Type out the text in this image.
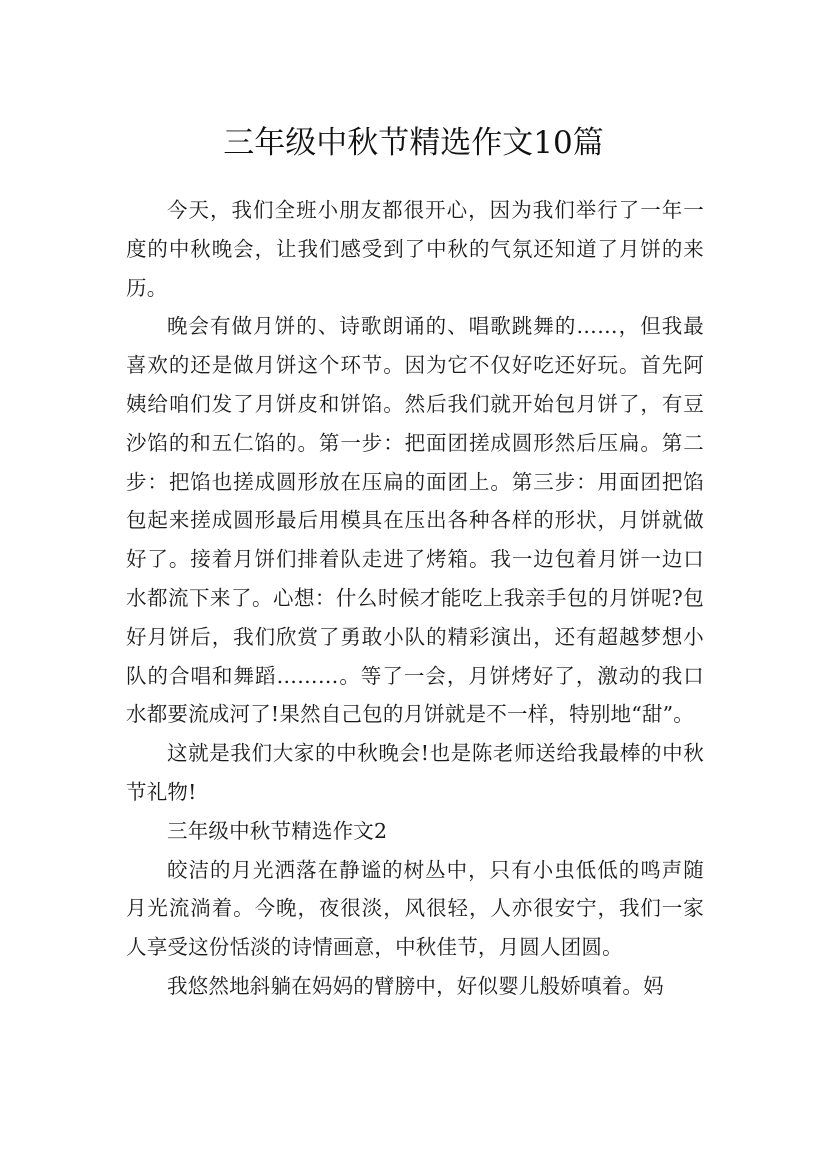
三年级中秋节精选作文10篇

今天，我们全班小朋友都很开心，因为我们举行了一年一度的中秋晚会，让我们感受到了中秋的气氛还知道了月饼的来历。

晚会有做月饼的、诗歌朗诵的、唱歌跳舞的……，但我最喜欢的还是做月饼这个环节。因为它不仅好吃还好玩。首先阿姨给咱们发了月饼皮和饼馅。然后我们就开始包月饼了，有豆沙馅的和五仁馅的。第一步：把面团搓成圆形然后压扁。第二步：把馅也搓成圆形放在压扁的面团上。第三步：用面团把馅包起来搓成圆形最后用模具在压出各种各样的形状，月饼就做好了。接着月饼们排着队走进了烤箱。我一边包着月饼一边口水都流下来了。心想：什么时候才能吃上我亲手包的月饼呢?包好月饼后，我们欣赏了勇敢小队的精彩演出，还有超越梦想小队的合唱和舞蹈………。等了一会，月饼烤好了，激动的我口水都要流成河了!果然自己包的月饼就是不一样，特别地“甜”。

这就是我们大家的中秋晚会!也是陈老师送给我最棒的中秋节礼物!

三年级中秋节精选作文2

皎洁的月光洒落在静谧的树丛中，只有小虫低低的鸣声随月光流淌着。今晚，夜很淡，风很轻，人亦很安宁，我们一家人享受这份恬淡的诗情画意，中秋佳节，月圆人团圆。

我悠然地斜躺在妈妈的臂膀中，好似婴儿般娇嗔着。妈
